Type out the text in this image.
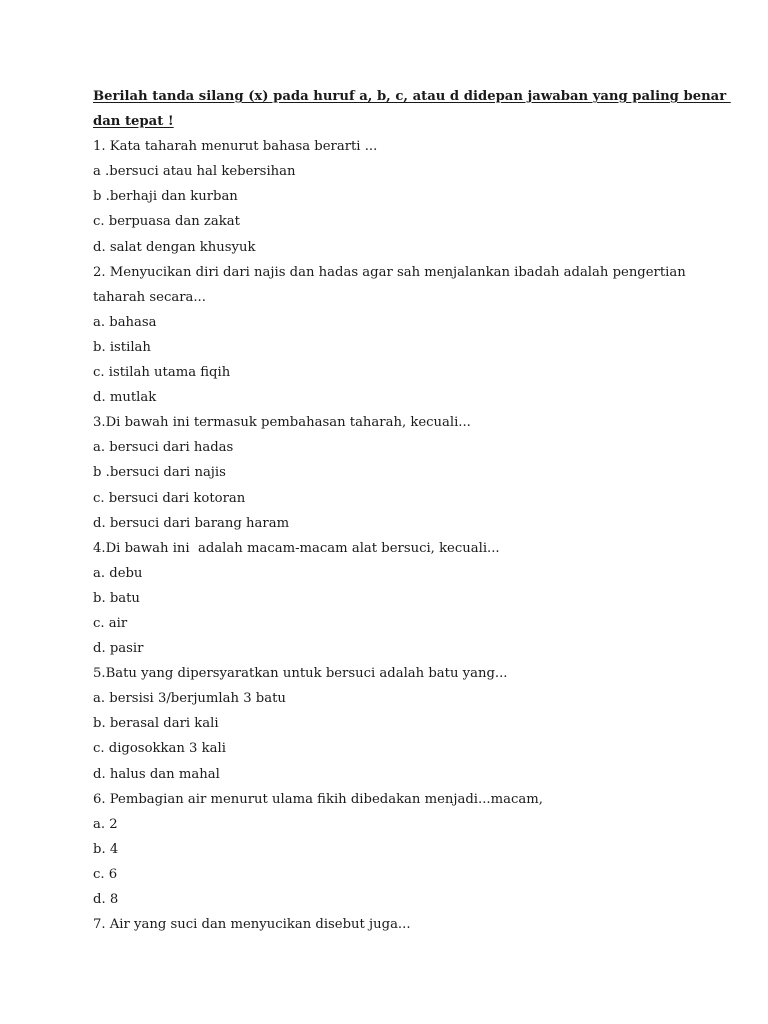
Berilah tanda silang (x) pada huruf a, b, c, atau d didepan jawaban yang paling benar
dan tepat !
1. Kata taharah menurut bahasa berarti ...
a .bersuci atau hal kebersihan
b .berhaji dan kurban
c. berpuasa dan zakat
d. salat dengan khusyuk
2. Menyucikan diri dari najis dan hadas agar sah menjalankan ibadah adalah pengertian
taharah secara...
a. bahasa
b. istilah
c. istilah utama fiqih
d. mutlak
3.Di bawah ini termasuk pembahasan taharah, kecuali...
a. bersuci dari hadas
b .bersuci dari najis
c. bersuci dari kotoran
d. bersuci dari barang haram
4.Di bawah ini  adalah macam-macam alat bersuci, kecuali...
a. debu
b. batu
c. air
d. pasir
5.Batu yang dipersyaratkan untuk bersuci adalah batu yang...
a. bersisi 3/berjumlah 3 batu
b. berasal dari kali
c. digosokkan 3 kali
d. halus dan mahal
6. Pembagian air menurut ulama fikih dibedakan menjadi...macam,
a. 2
b. 4
c. 6
d. 8
7. Air yang suci dan menyucikan disebut juga...
